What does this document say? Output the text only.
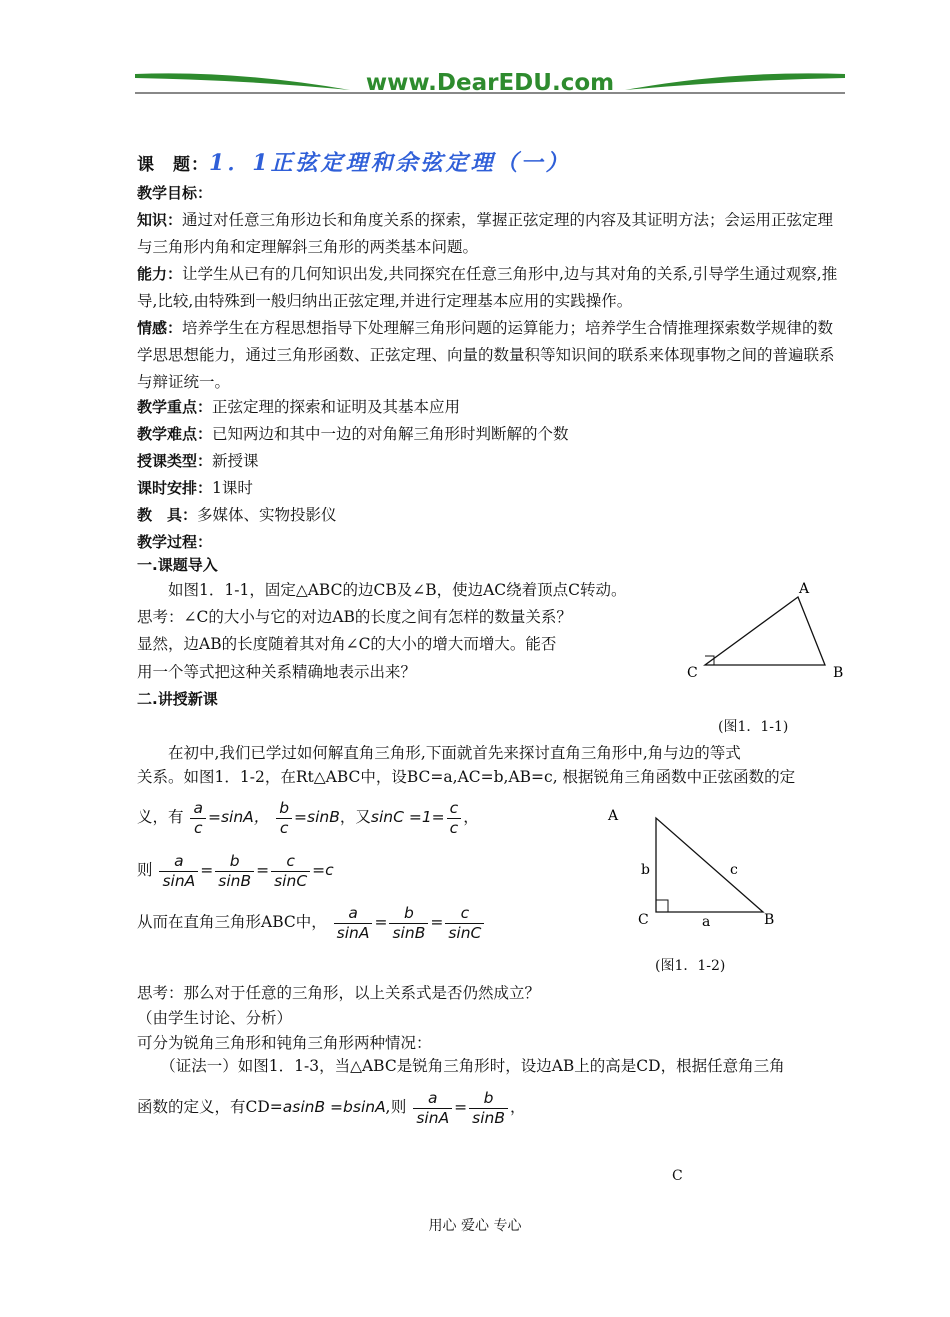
www.DearEDU.com
课　题：1．1正弦定理和余弦定理（一）
教学目标：
知识：通过对任意三角形边长和角度关系的探索，掌握正弦定理的内容及其证明方法；会运用正弦定理与三角形内角和定理解斜三角形的两类基本问题。
能力：让学生从已有的几何知识出发,共同探究在任意三角形中,边与其对角的关系,引导学生通过观察,推导,比较,由特殊到一般归纳出正弦定理,并进行定理基本应用的实践操作。
情感：培养学生在方程思想指导下处理解三角形问题的运算能力；培养学生合情推理探索数学规律的数学思思想能力，通过三角形函数、正弦定理、向量的数量积等知识间的联系来体现事物之间的普遍联系与辩证统一。
教学重点：正弦定理的探索和证明及其基本应用
教学难点：已知两边和其中一边的对角解三角形时判断解的个数
授课类型：新授课
课时安排：1课时
教　具：多媒体、实物投影仪
教学过程：
一.课题导入
　　如图1．1-1，固定△ABC的边CB及∠B，使边AC绕着顶点C转动。
思考：∠C的大小与它的对边AB的长度之间有怎样的数量关系？
显然，边AB的长度随着其对角∠C的大小的增大而增大。能否
用一个等式把这种关系精确地表示出来？
A
B
C
二.讲授新课
(图1．1-1)
　　在初中,我们已学过如何解直角三角形,下面就首先来探讨直角三角形中,角与边的等式
关系。如图1．1-2，在Rt△ABC中，设BC=a,AC=b,AB=c, 根据锐角三角函数中正弦函数的定
义，有 $\frac{a}{c} =\sin A$， $\frac{b}{c} =\sin B$，又$\sin C =1= \frac{c}{c}$ ，
则 $\frac{a}{\sin A} = \frac{b}{\sin B} = \frac{c}{\sin C} =c$
从而在直角三角形ABC中， $\frac{a}{\sin A} = \frac{b}{\sin B} = \frac{c}{\sin C}$
A
C	B
b	c
a
(图1．1-2)
思考：那么对于任意的三角形，以上关系式是否仍然成立？
（由学生讨论、分析）
可分为锐角三角形和钝角三角形两种情况：
　　（证法一）如图1．1-3，当△ABC是锐角三角形时，设边AB上的高是CD，根据任意角三角
函数的定义，有CD=asinB =bsinA,则 $\frac{a}{\sin A} = \frac{b}{\sin B}$ ，
C
用心 爱心 专心
